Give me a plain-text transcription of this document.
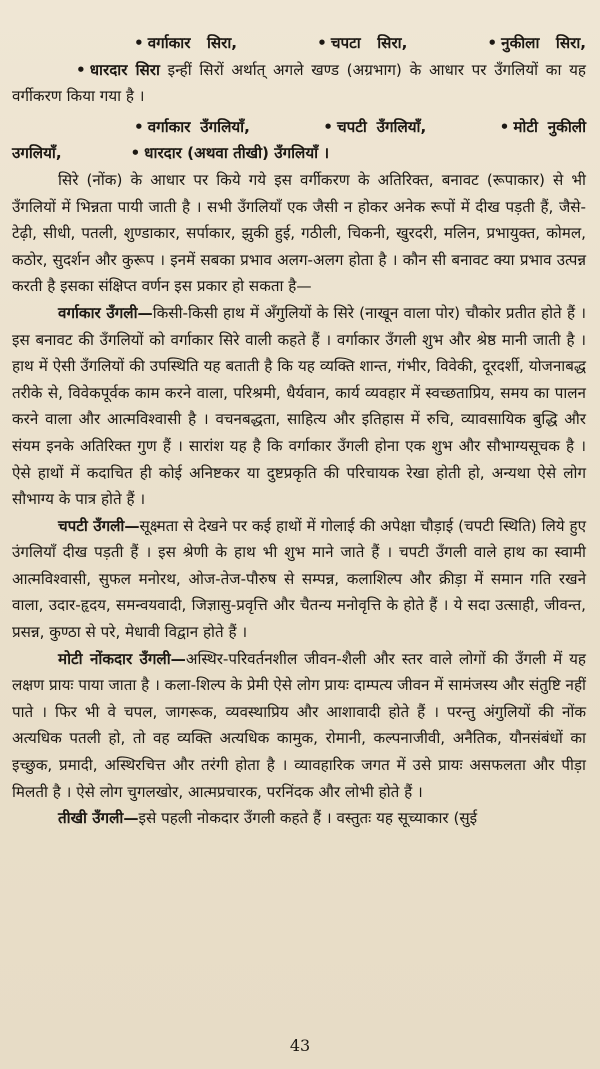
• वर्गाकार सिरा,	• चपटा सिरा,	• नुकीला सिरा, • धारदार सिरा इन्हीं सिरों अर्थात् अगले खण्ड (अग्रभाग) के आधार पर उँगलियों का यह वर्गीकरण किया गया है ।

• वर्गाकार उँगलियाँ,	• चपटी उँगलियाँ,	• मोटी नुकीली उगलियाँ,	• धारदार (अथवा तीखी) उँगलियाँ ।

सिरे (नोंक) के आधार पर किये गये इस वर्गीकरण के अतिरिक्त, बनावट (रूपाकार) से भी उँगलियों में भिन्नता पायी जाती है । सभी उँगलियाँ एक जैसी न होकर अनेक रूपों में दीख पड़ती हैं, जैसे- टेढ़ी, सीधी, पतली, शुण्डाकार, सर्पाकार, झुकी हुई, गठीली, चिकनी, खुरदरी, मलिन, प्रभायुक्त, कोमल, कठोर, सुदर्शन और कुरूप । इनमें सबका प्रभाव अलग-अलग होता है । कौन सी बनावट क्या प्रभाव उत्पन्न करती है इसका संक्षिप्त वर्णन इस प्रकार हो सकता है—

वर्गाकार उँगली—किसी-किसी हाथ में अँगुलियों के सिरे (नाखून वाला पोर) चौकोर प्रतीत होते हैं । इस बनावट की उँगलियों को वर्गाकार सिरे वाली कहते हैं । वर्गाकार उँगली शुभ और श्रेष्ठ मानी जाती है । हाथ में ऐसी उँगलियों की उपस्थिति यह बताती है कि यह व्यक्ति शान्त, गंभीर, विवेकी, दूरदर्शी, योजनाबद्ध तरीके से, विवेकपूर्वक काम करने वाला, परिश्रमी, धैर्यवान, कार्य व्यवहार में स्वच्छताप्रिय, समय का पालन करने वाला और आत्मविश्वासी है । वचनबद्धता, साहित्य और इतिहास में रुचि, व्यावसायिक बुद्धि और संयम इनके अतिरिक्त गुण हैं । सारांश यह है कि वर्गाकार उँगली होना एक शुभ और सौभाग्यसूचक है । ऐसे हाथों में कदाचित ही कोई अनिष्टकर या दुष्टप्रकृति की परिचायक रेखा होती हो, अन्यथा ऐसे लोग सौभाग्य के पात्र होते हैं ।

चपटी उँगली—सूक्ष्मता से देखने पर कई हाथों में गोलाई की अपेक्षा चौड़ाई (चपटी स्थिति) लिये हुए उंगलियाँ दीख पड़ती हैं । इस श्रेणी के हाथ भी शुभ माने जाते हैं । चपटी उँगली वाले हाथ का स्वामी आत्मविश्वासी, सुफल मनोरथ, ओज-तेज-पौरुष से सम्पन्न, कलाशिल्प और क्रीड़ा में समान गति रखने वाला, उदार-हृदय, समन्वयवादी, जिज्ञासु-प्रवृत्ति और चैतन्य मनोवृत्ति के होते हैं । ये सदा उत्साही, जीवन्त, प्रसन्न, कुण्ठा से परे, मेधावी विद्वान होते हैं ।

मोटी नोंकदार उँगली—अस्थिर-परिवर्तनशील जीवन-शैली और स्तर वाले लोगों की उँगली में यह लक्षण प्रायः पाया जाता है । कला-शिल्प के प्रेमी ऐसे लोग प्रायः दाम्पत्य जीवन में सामंजस्य और संतुष्टि नहीं पाते । फिर भी वे चपल, जागरूक, व्यवस्थाप्रिय और आशावादी होते हैं । परन्तु अंगुलियों की नोंक अत्यधिक पतली हो, तो वह व्यक्ति अत्यधिक कामुक, रोमानी, कल्पनाजीवी, अनैतिक, यौनसंबंधों का इच्छुक, प्रमादी, अस्थिरचित्त और तरंगी होता है । व्यावहारिक जगत में उसे प्रायः असफलता और पीड़ा मिलती है । ऐसे लोग चुगलखोर, आत्मप्रचारक, परनिंदक और लोभी होते हैं ।

तीखी उँगली—इसे पहली नोकदार उँगली कहते हैं । वस्तुतः यह सूच्याकार (सुई

43
